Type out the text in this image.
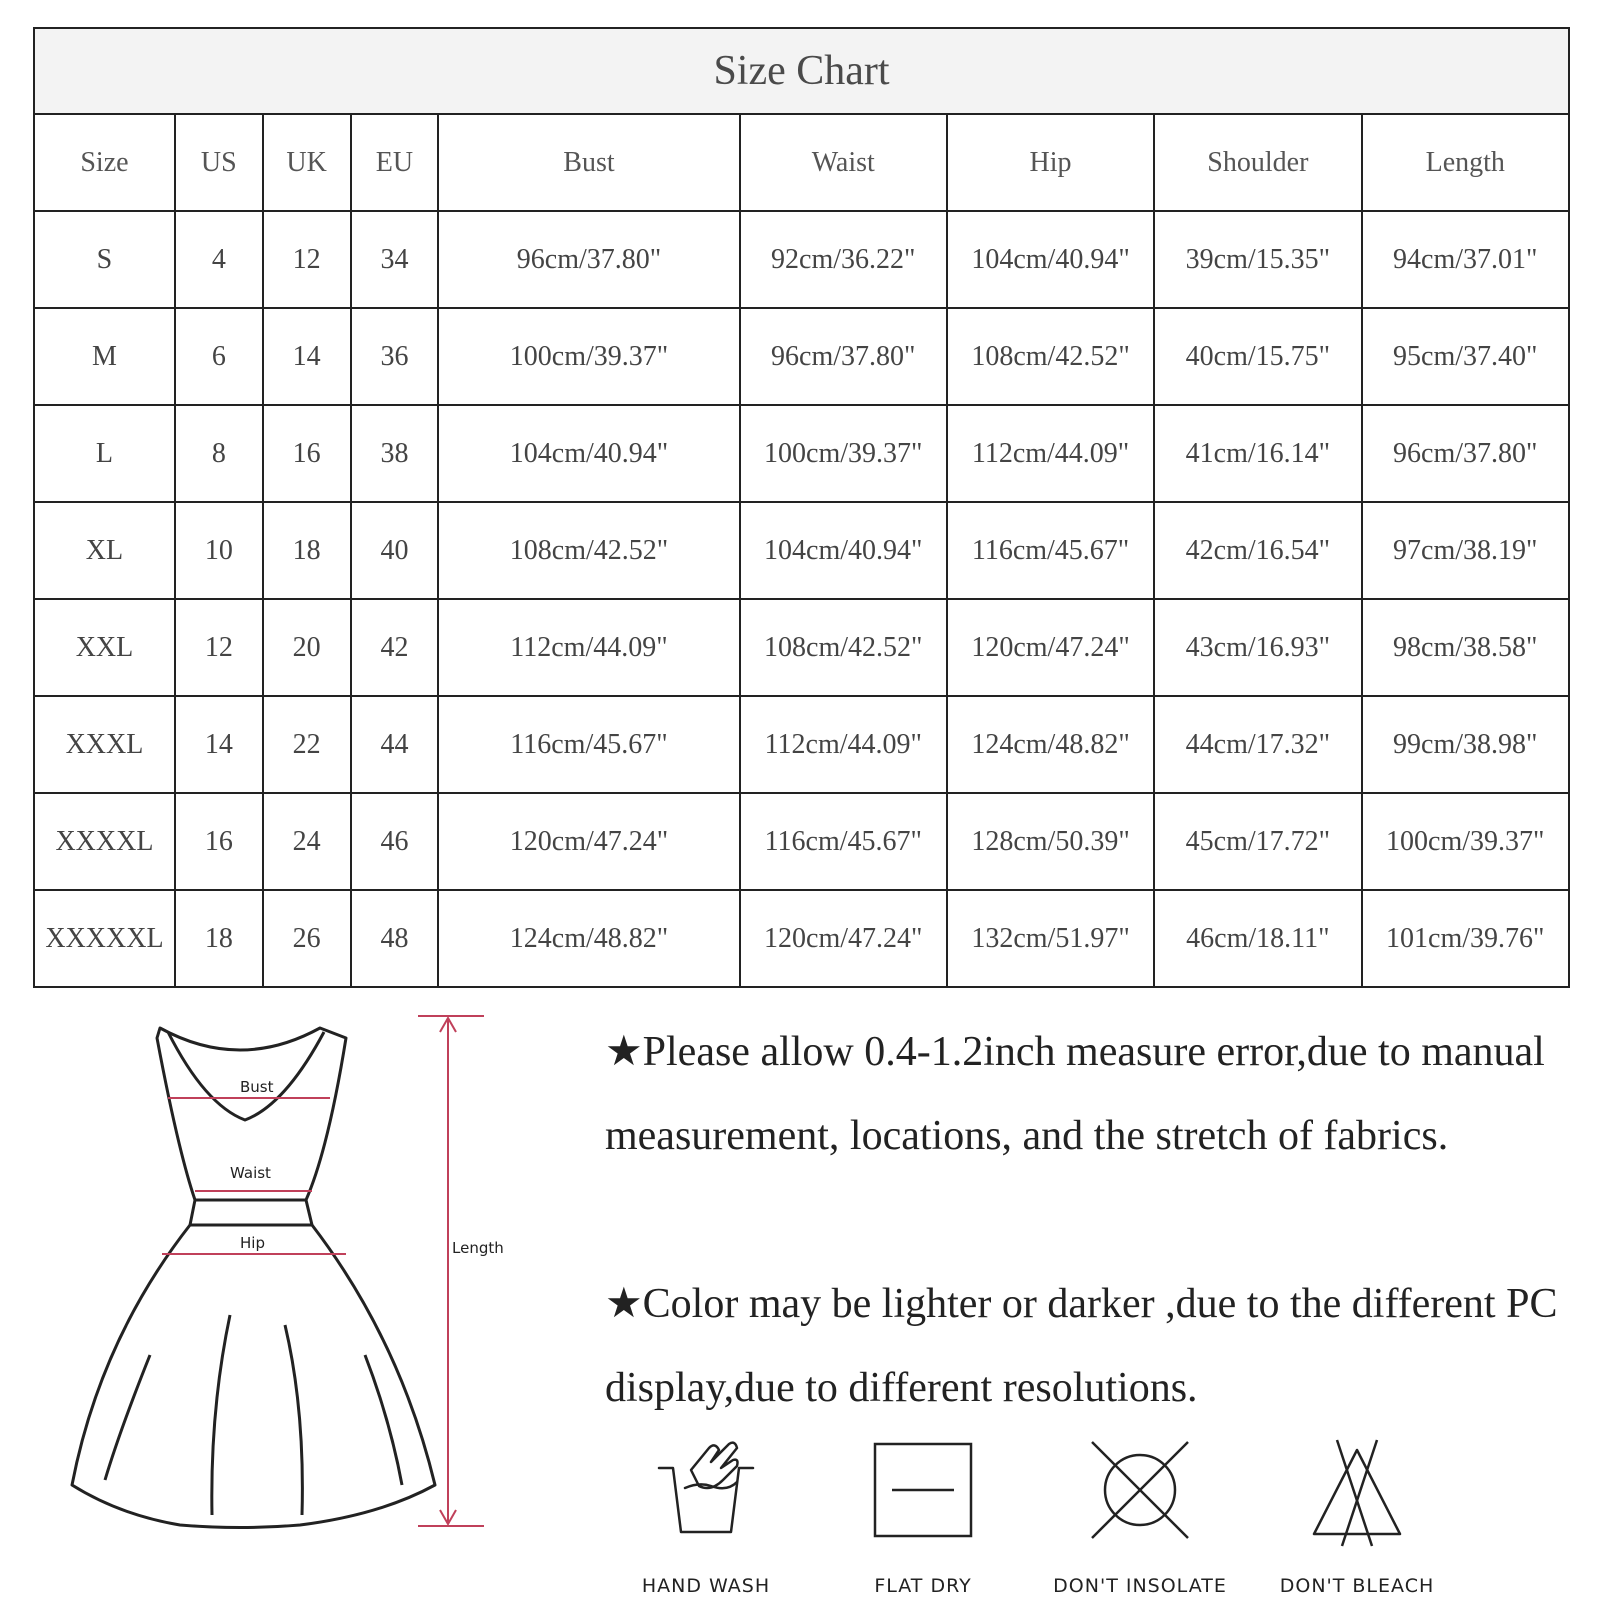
Size Chart								
Size	US	UK	EU	Bust	Waist	Hip	Shoulder	Length
S	4	12	34	96cm/37.80"	92cm/36.22"	104cm/40.94"	39cm/15.35"	94cm/37.01"
M	6	14	36	100cm/39.37"	96cm/37.80"	108cm/42.52"	40cm/15.75"	95cm/37.40"
L	8	16	38	104cm/40.94"	100cm/39.37"	112cm/44.09"	41cm/16.14"	96cm/37.80"
XL	10	18	40	108cm/42.52"	104cm/40.94"	116cm/45.67"	42cm/16.54"	97cm/38.19"
XXL	12	20	42	112cm/44.09"	108cm/42.52"	120cm/47.24"	43cm/16.93"	98cm/38.58"
XXXL	14	22	44	116cm/45.67"	112cm/44.09"	124cm/48.82"	44cm/17.32"	99cm/38.98"
XXXXL	16	24	46	120cm/47.24"	116cm/45.67"	128cm/50.39"	45cm/17.72"	100cm/39.37"
XXXXXL	18	26	48	124cm/48.82"	120cm/47.24"	132cm/51.97"	46cm/18.11"	101cm/39.76"
Bust
Waist
Hip	Length

★Please allow 0.4-1.2inch measure error,due to manual measurement, locations, and the stretch of fabrics.

★Color may be lighter or darker ,due to the different PC display,due to different resolutions.

HAND WASH	FLAT DRY	DON'T INSOLATE	DON'T BLEACH
